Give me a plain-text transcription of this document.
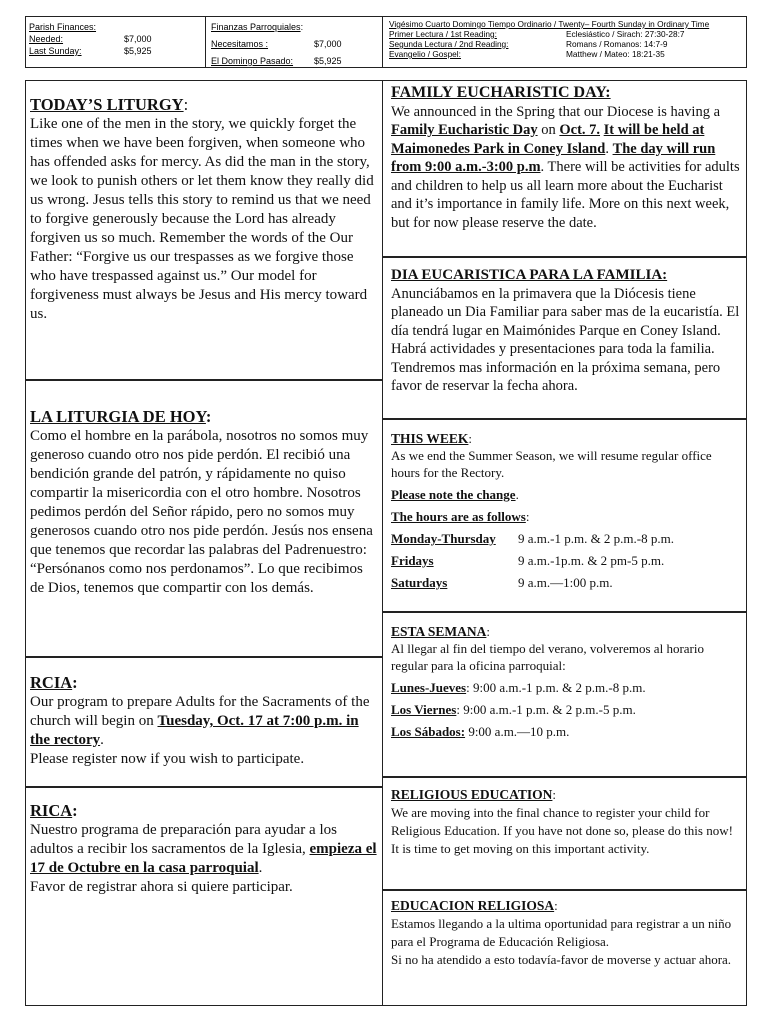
Parish Finances:
Needed:	$7,000
Last Sunday:	$5,925
Finanzas Parroquiales:
Necesitamos :	$7,000
El Domingo Pasado:	$5,925
Vigésimo Cuarto Domingo Tiempo Ordinario / Twenty– Fourth Sunday in Ordinary Time
Primer Lectura / 1st Reading:	Eclesiástico / Sirach: 27:30-28:7
Segunda Lectura / 2nd Reading:	Romans / Romanos: 14:7-9
Evangelio / Gospel:	Matthew / Mateo: 18:21-35
TODAY’S LITURGY:
Like one of the men in the story, we quickly forget the times when we have been forgiven, when someone who has offended asks for mercy. As did the man in the story, we look to punish others or let them know they really did us wrong. Jesus tells this story to remind us that we need to forgive generously because the Lord has already forgiven us so much. Remember the words of the Our Father: “Forgive us our trespasses as we forgive those who have trespassed against us.” Our model for forgiveness must always be Jesus and His mercy toward us.
LA LITURGIA DE HOY:
Como el hombre en la parábola, nosotros no somos muy generoso cuando otro nos pide perdón. El recibió una bendición grande del patrón, y rápidamente no quiso compartir la misericordia con el otro hombre. Nosotros pedimos perdón del Señor rápido, pero no somos muy generosos cuando otro nos pide perdón. Jesús nos ensena que tenemos que recordar las palabras del Padrenuestro: “Persónanos como nos perdonamos”. Lo que recibimos de Dios, tenemos que compartir con los demás.
RCIA:
Our program to prepare Adults for the Sacraments of the church will begin on Tuesday, Oct. 17 at 7:00 p.m. in the rectory.
Please register now if you wish to participate.
RICA:
Nuestro programa de preparación para ayudar a los adultos a recibir los sacramentos de la Iglesia, empieza el 17 de Octubre en la casa parroquial.
Favor de registrar ahora si quiere participar.
FAMILY EUCHARISTIC DAY:
We announced in the Spring that our Diocese is having a Family Eucharistic Day on Oct. 7. It will be held at Maimonedes Park in Coney Island. The day will run from 9:00 a.m.-3:00 p.m. There will be activities for adults and children to help us all learn more about the Eucharist and it’s importance in family life. More on this next week, but for now please reserve the date.
DIA EUCARISTICA PARA LA FAMILIA:
Anunciábamos en la primavera que la Diócesis tiene planeado un Dia Familiar para saber mas de la eucaristía. El día tendrá lugar en Maimónides Parque en Coney Island. Habrá actividades y presentaciones para toda la familia. Tendremos mas información en la próxima semana, pero favor de reservar la fecha ahora.
THIS WEEK:

As we end the Summer Season, we will resume regular office hours for the Rectory.

Please note the change.

The hours are as follows:

Monday-Thursday	9 a.m.-1 p.m. & 2 p.m.-8 p.m.

Fridays	9 a.m.-1p.m. & 2 pm-5 p.m.

Saturdays	9 a.m.—1:00 p.m.

ESTA SEMANA:

Al llegar al fin del tiempo del verano, volveremos al horario regular para la oficina parroquial:

Lunes-Jueves: 9:00 a.m.-1 p.m. & 2 p.m.-8 p.m.

Los Viernes: 9:00 a.m.-1 p.m. & 2 p.m.-5 p.m.

Los Sábados: 9:00 a.m.—10 p.m.

RELIGIOUS EDUCATION:
We are moving into the final chance to register your child for Religious Education. If you have not done so, please do this now! It is time to get moving on this important activity.
EDUCACION RELIGIOSA:
Estamos llegando a la ultima oportunidad para registrar a un niño para el Programa de Educación Religiosa.
Si no ha atendido a esto todavía-favor de moverse y actuar ahora.
